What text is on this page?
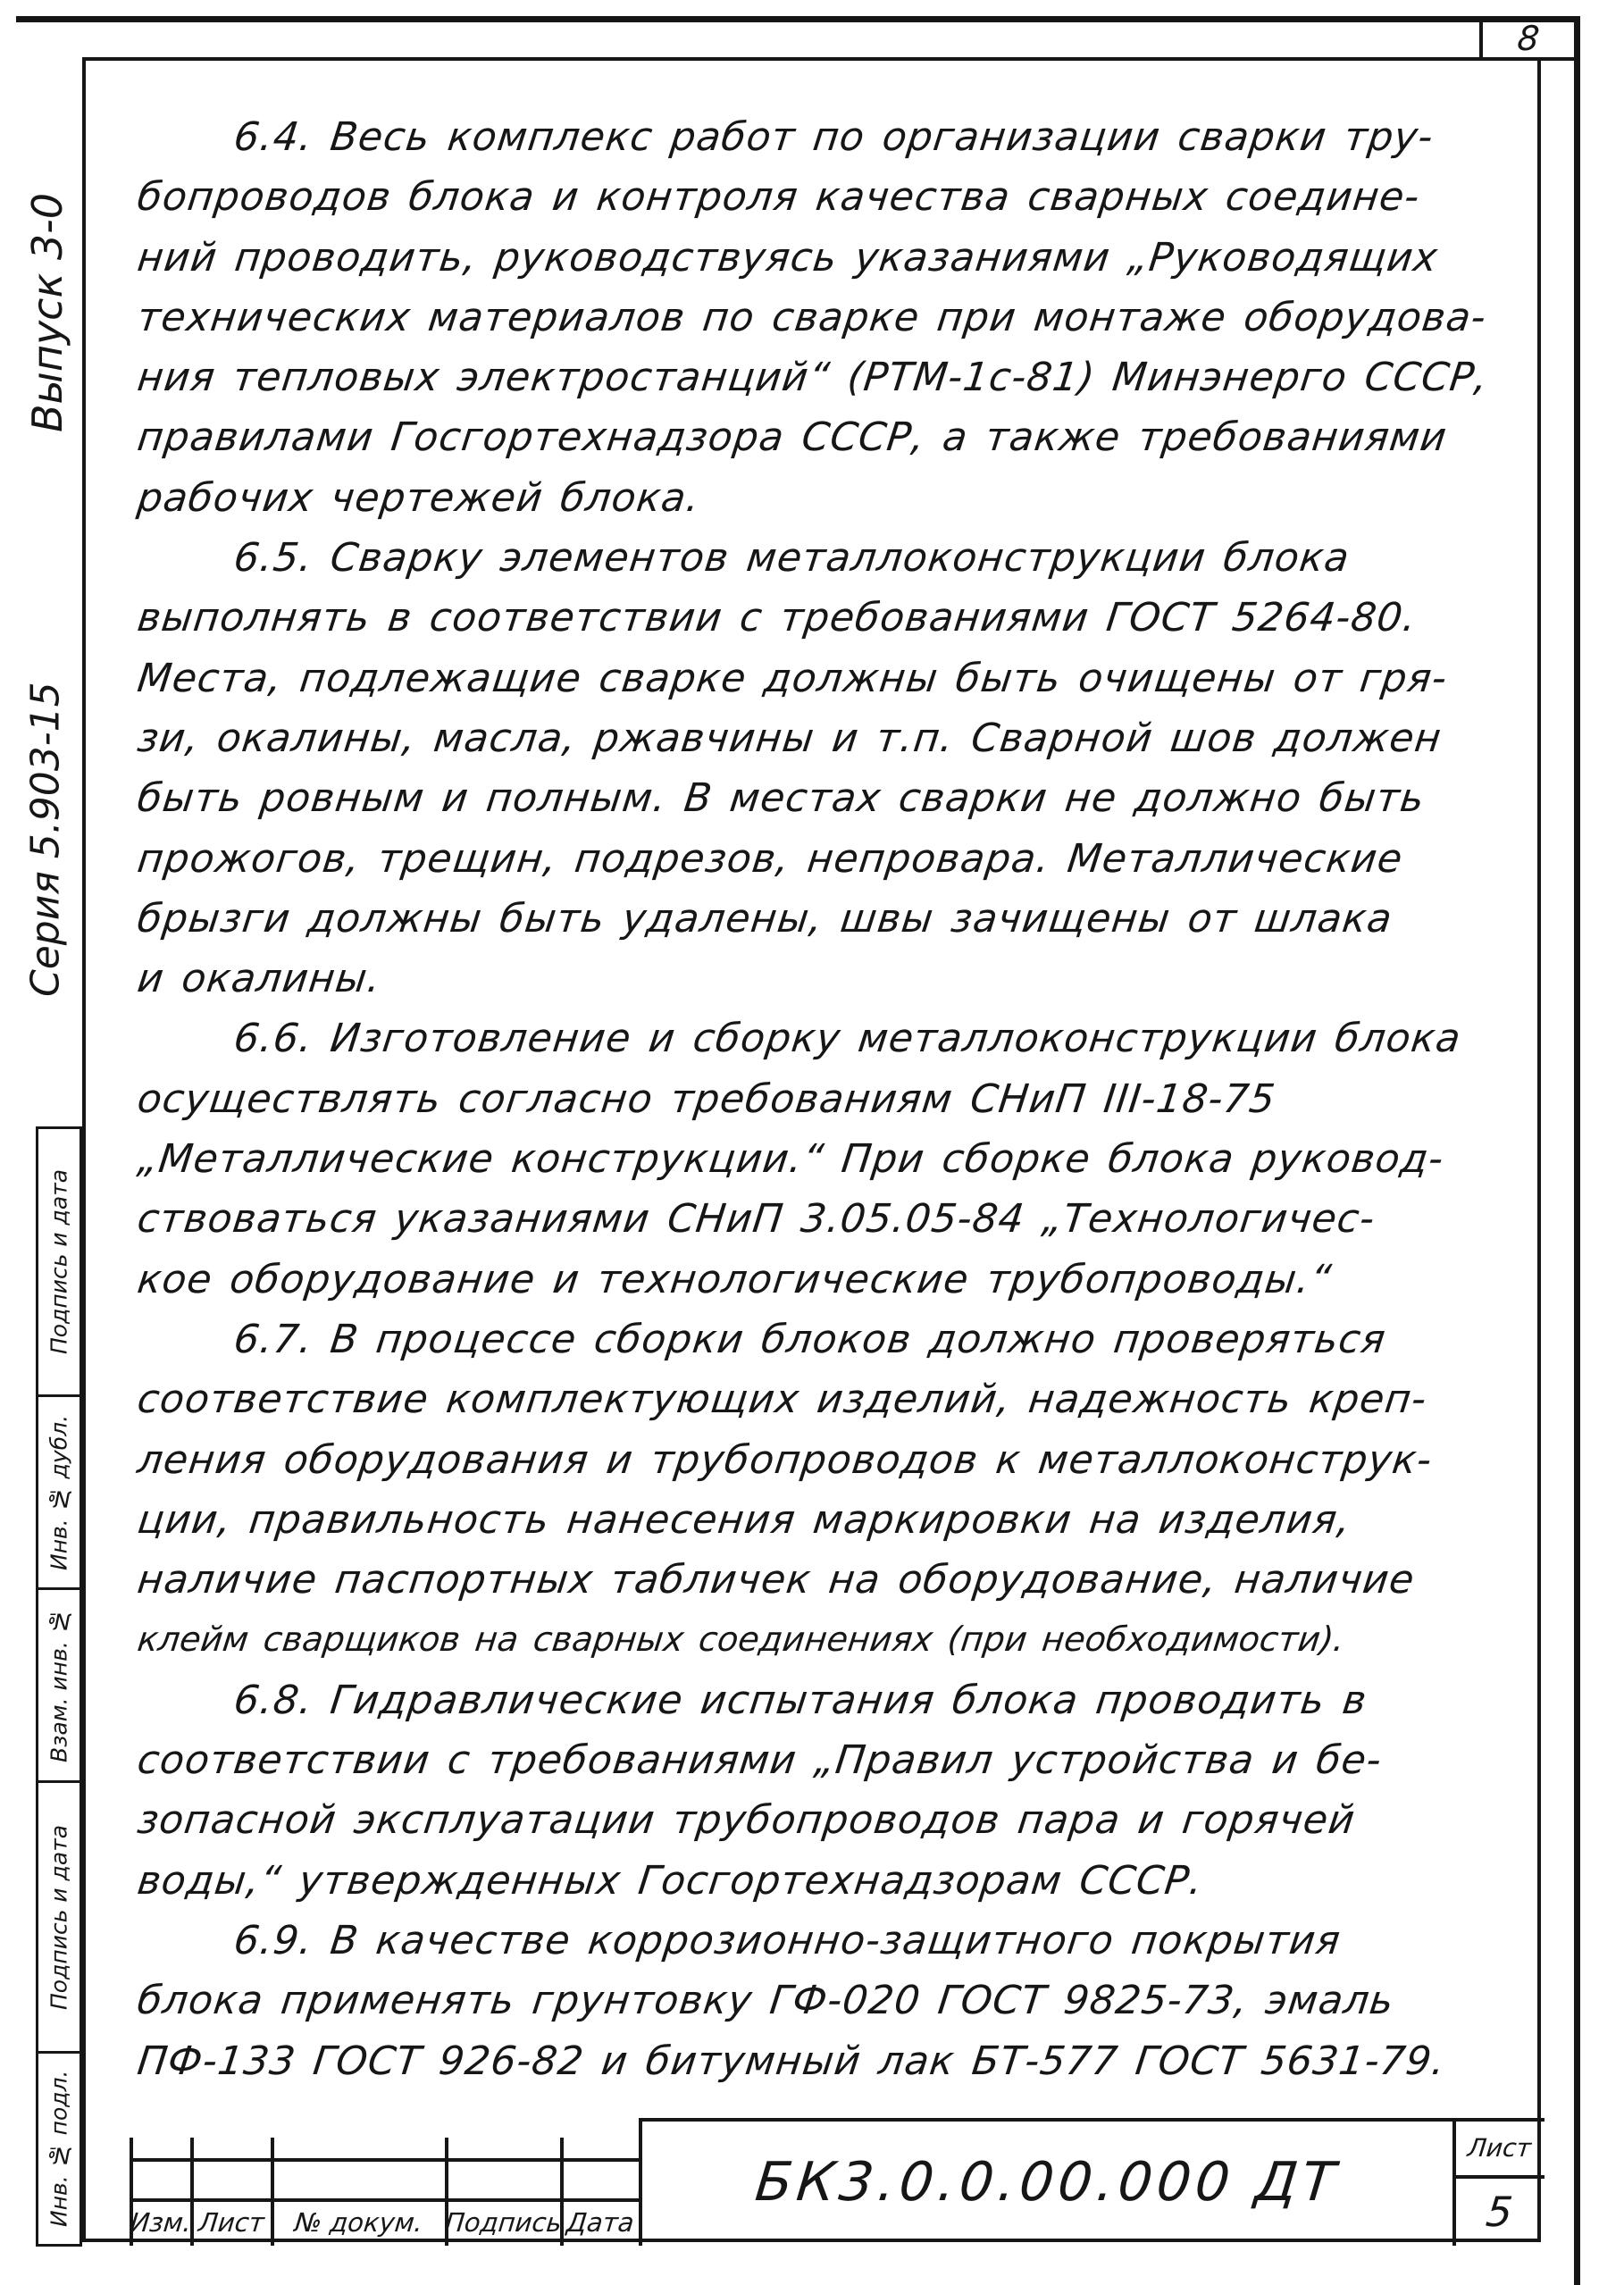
8
Выпуск 3-0
Серия 5.903-15
Подпись и дата
Инв. № дубл.
Взам. инв. №
Подпись и дата
Инв. № подл.
6.4. Весь комплекс работ по организации сварки тру-
бопроводов блока и контроля качества сварных соедине-
ний проводить, руководствуясь указаниями „Руководящих
технических материалов по сварке при монтаже оборудова-
ния тепловых электростанций“ (РТМ-1с-81) Минэнерго СССР,
правилами Госгортехнадзора СССР, а также требованиями
рабочих чертежей блока.
6.5. Сварку элементов металлоконструкции блока
выполнять в соответствии с требованиями ГОСТ 5264-80.
Места, подлежащие сварке должны быть очищены от гря-
зи, окалины, масла, ржавчины и т.п. Сварной шов должен
быть ровным и полным. В местах сварки не должно быть
прожогов, трещин, подрезов, непровара. Металлические
брызги должны быть удалены, швы зачищены от шлака
и окалины.
6.6. Изготовление и сборку металлоконструкции блока
осуществлять согласно требованиям СНиП III-18-75
„Металлические конструкции.“ При сборке блока руковод-
ствоваться указаниями СНиП 3.05.05-84 „Технологичес-
кое оборудование и технологические трубопроводы.“
6.7. В процессе сборки блоков должно проверяться
соответствие комплектующих изделий, надежность креп-
ления оборудования и трубопроводов к металлоконструк-
ции, правильность нанесения маркировки на изделия,
наличие паспортных табличек на оборудование, наличие
клейм сварщиков на сварных соединениях (при необходимости).
6.8. Гидравлические испытания блока проводить в
соответствии с требованиями „Правил устройства и бе-
зопасной эксплуатации трубопроводов пара и горячей
воды,“ утвержденных Госгортехнадзорам СССР.
6.9. В качестве коррозионно-защитного покрытия
блока применять грунтовку ГФ-020 ГОСТ 9825-73, эмаль
ПФ-133 ГОСТ 926-82 и битумный лак БТ-577 ГОСТ 5631-79.
Изм. Лист	№ докум. Подпись Дата
БК3.0.0.00.000 ДТ
Лист
5
